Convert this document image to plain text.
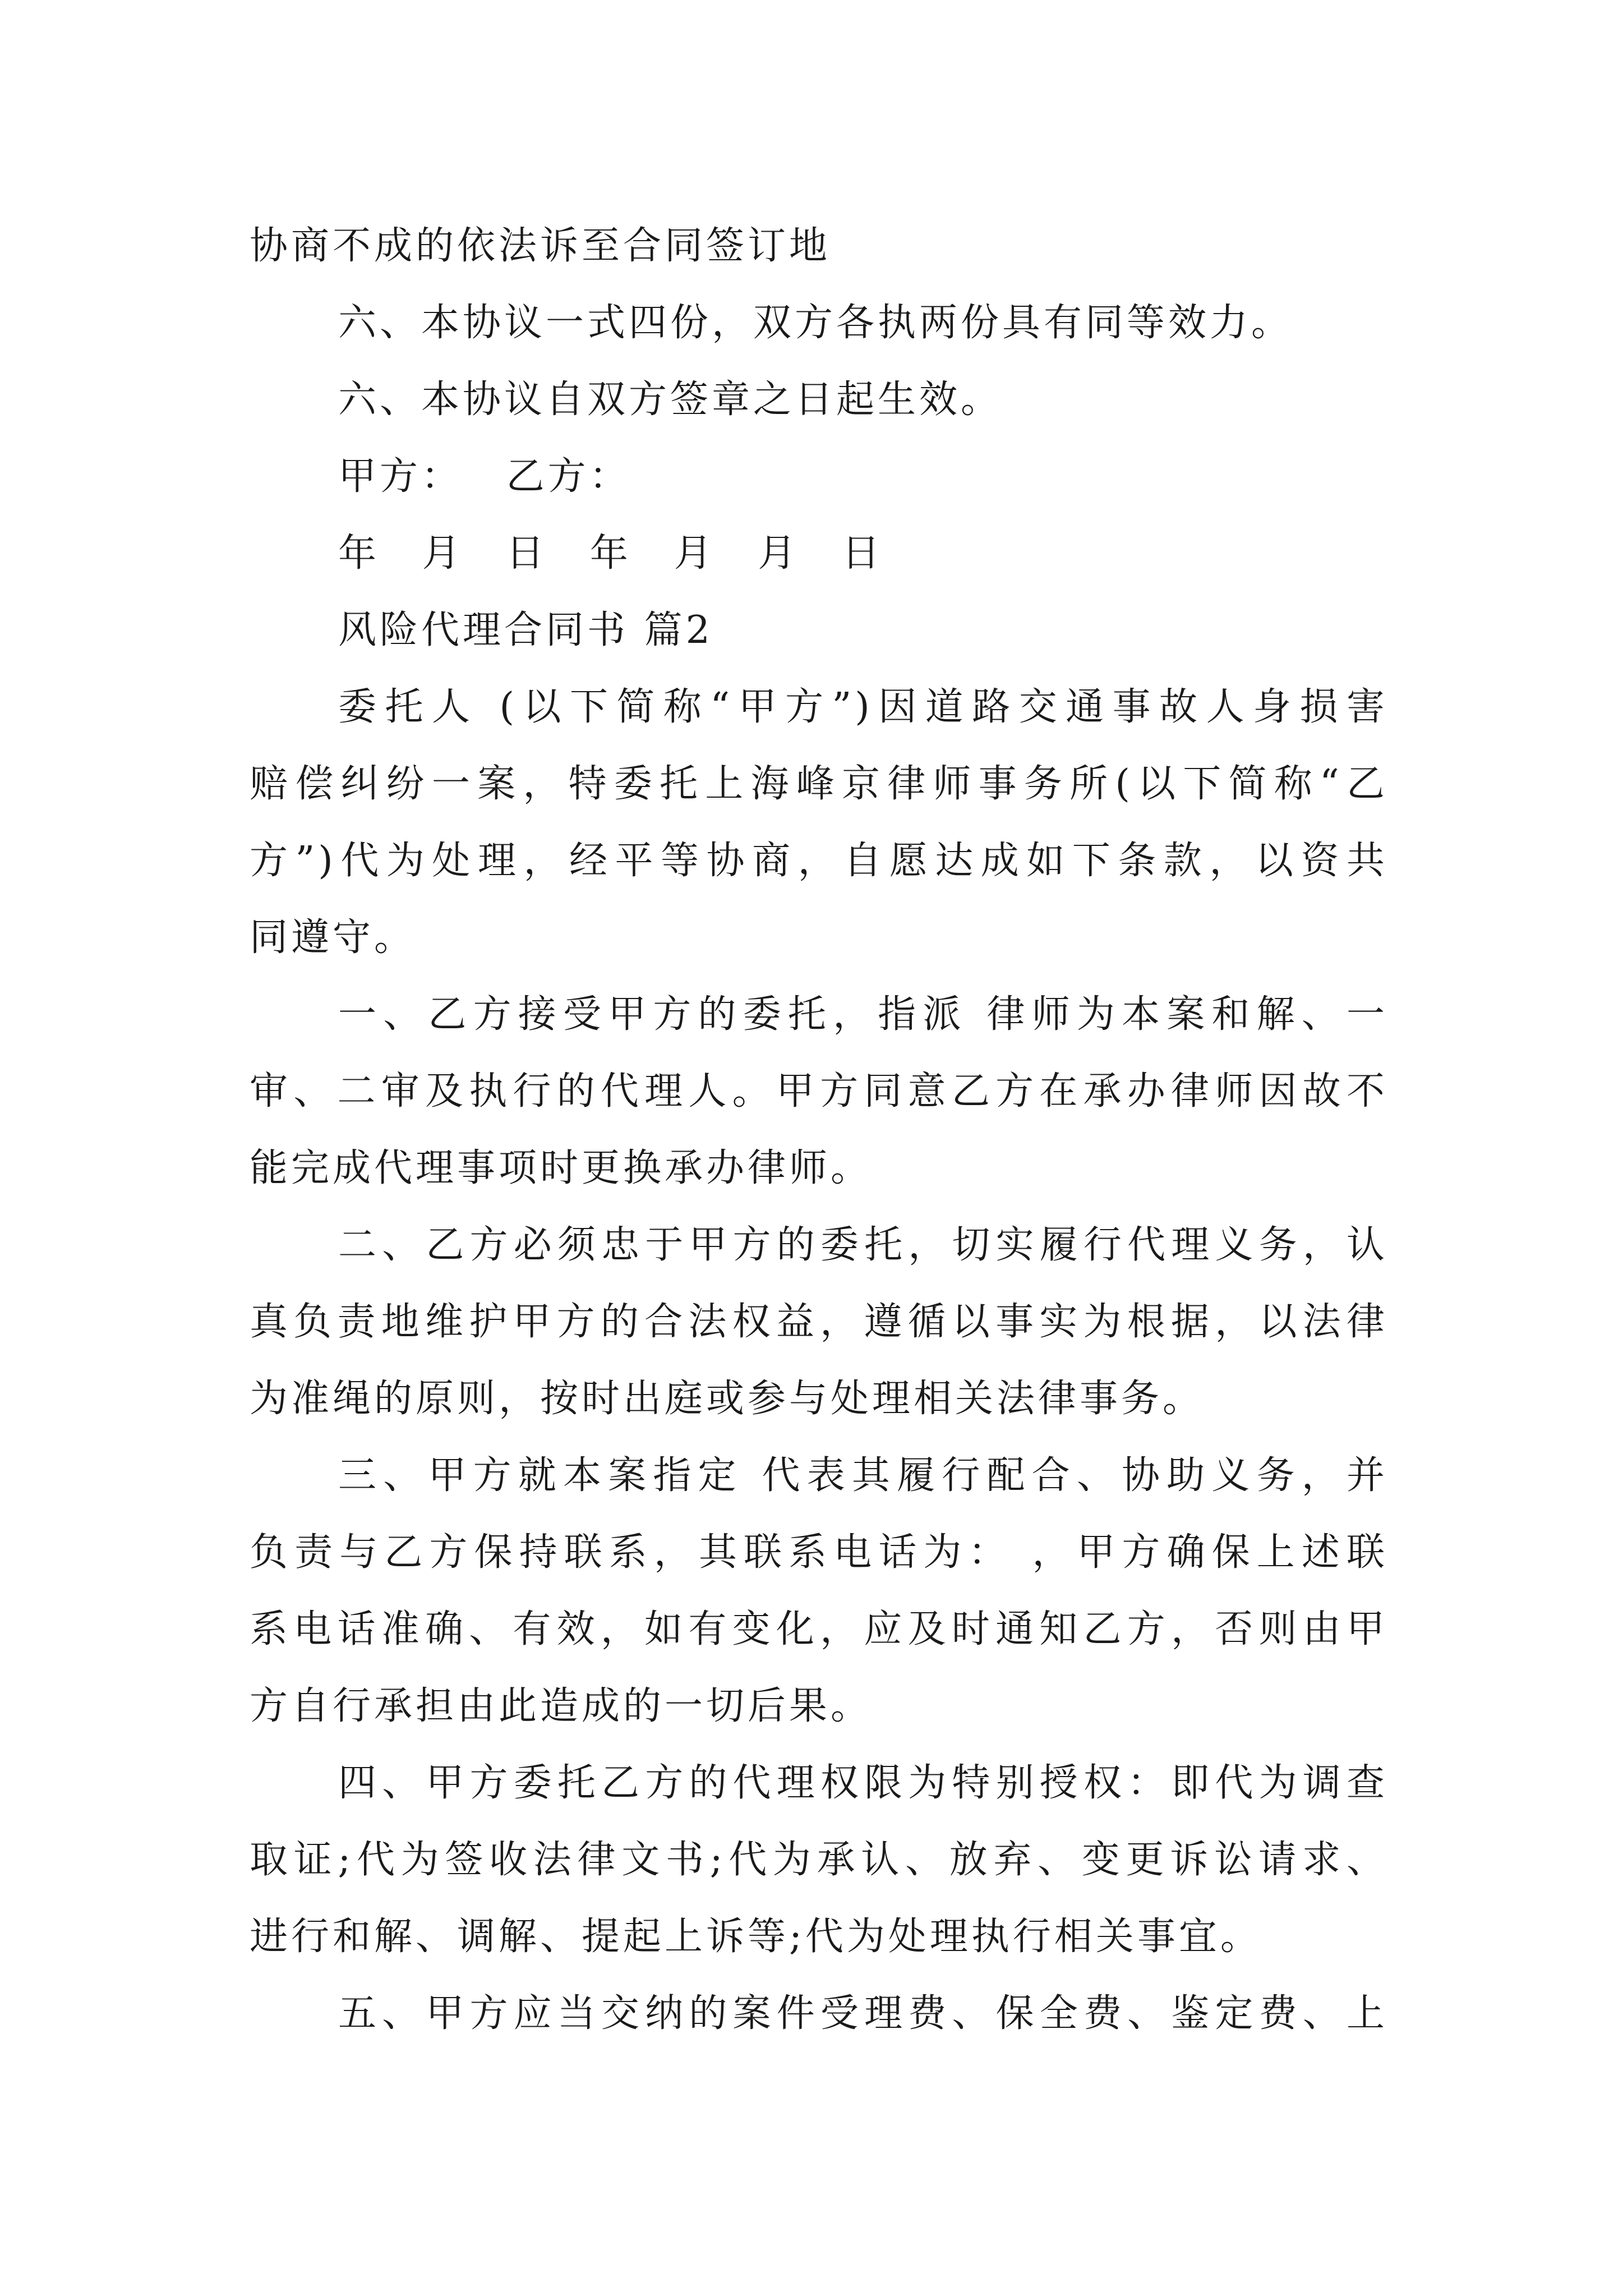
协商不成的依法诉至合同签订地
六、本协议一式四份，双方各执两份具有同等效力。
六、本协议自双方签章之日起生效。
甲方： 乙方：
年 月 日 年 月 月 日
风险代理合同书 篇2
委托人 (以下简称“甲方”)因道路交通事故人身损害
赔偿纠纷一案，特委托上海峰京律师事务所(以下简称“乙
方”)代为处理，经平等协商，自愿达成如下条款，以资共
同遵守。
一、乙方接受甲方的委托，指派 律师为本案和解、一
审、二审及执行的代理人。甲方同意乙方在承办律师因故不
能完成代理事项时更换承办律师。
二、乙方必须忠于甲方的委托，切实履行代理义务，认
真负责地维护甲方的合法权益，遵循以事实为根据，以法律
为准绳的原则，按时出庭或参与处理相关法律事务。
三、甲方就本案指定 代表其履行配合、协助义务，并
负责与乙方保持联系，其联系电话为： ，甲方确保上述联
系电话准确、有效，如有变化，应及时通知乙方，否则由甲
方自行承担由此造成的一切后果。
四、甲方委托乙方的代理权限为特别授权：即代为调查
取证;代为签收法律文书;代为承认、放弃、变更诉讼请求、
进行和解、调解、提起上诉等;代为处理执行相关事宜。
五、甲方应当交纳的案件受理费、保全费、鉴定费、上
